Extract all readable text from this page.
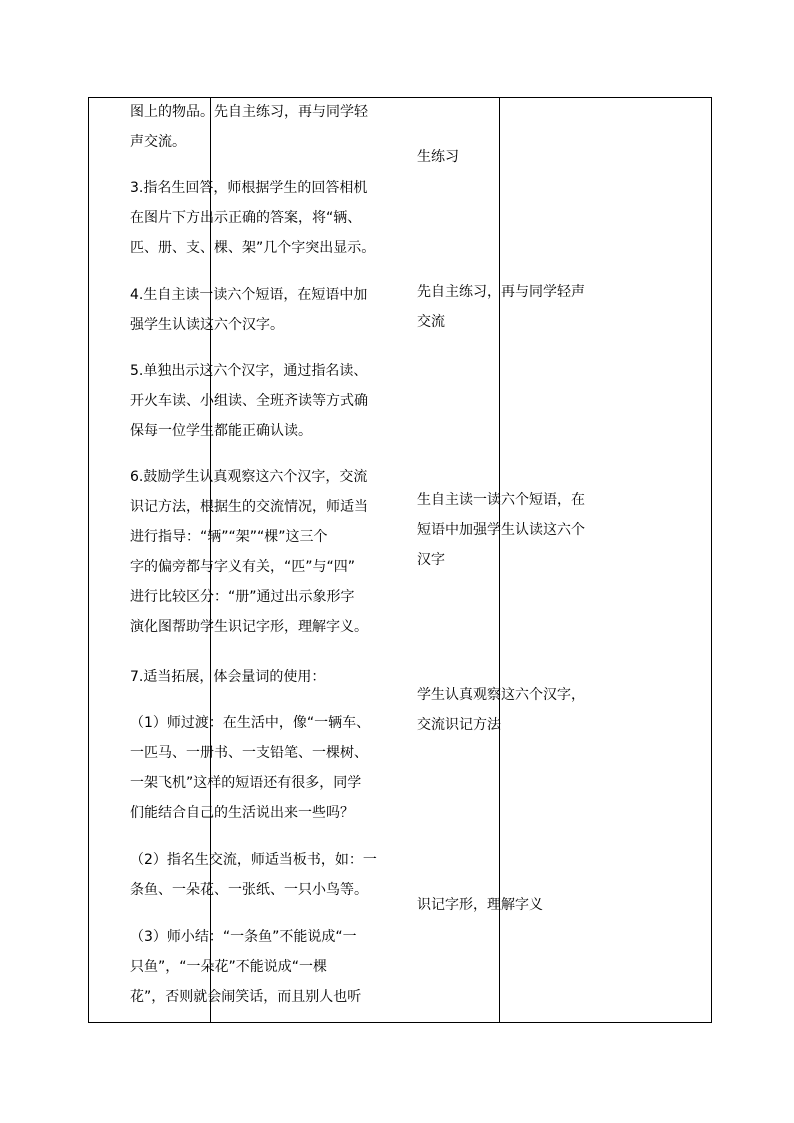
图上的物品。先自主练习，再与同学轻
声交流。
3.指名生回答，师根据学生的回答相机
在图片下方出示正确的答案，将“辆、
匹、册、支、棵、架”几个字突出显示。
4.生自主读一读六个短语，在短语中加
强学生认读这六个汉字。
5.单独出示这六个汉字，通过指名读、
开火车读、小组读、全班齐读等方式确
保每一位学生都能正确认读。
6.鼓励学生认真观察这六个汉字，交流
识记方法，根据生的交流情况，师适当
进行指导：“辆”“架”“棵”这三个
字的偏旁都与字义有关，“匹”与“四”
进行比较区分：“册”通过出示象形字
演化图帮助学生识记字形，理解字义。
7.适当拓展，体会量词的使用：
（1）师过渡：在生活中，像“一辆车、
一匹马、一册书、一支铅笔、一棵树、
一架飞机”这样的短语还有很多，同学
们能结合自己的生活说出来一些吗？
（2）指名生交流，师适当板书，如：一
条鱼、一朵花、一张纸、一只小鸟等。
（3）师小结：“一条鱼”不能说成“一
只鱼”，“一朵花”不能说成“一棵
花”，否则就会闹笑话，而且别人也听
生练习
先自主练习，再与同学轻声
交流
生自主读一读六个短语，在
短语中加强学生认读这六个
汉字
学生认真观察这六个汉字，
交流识记方法
识记字形，理解字义
